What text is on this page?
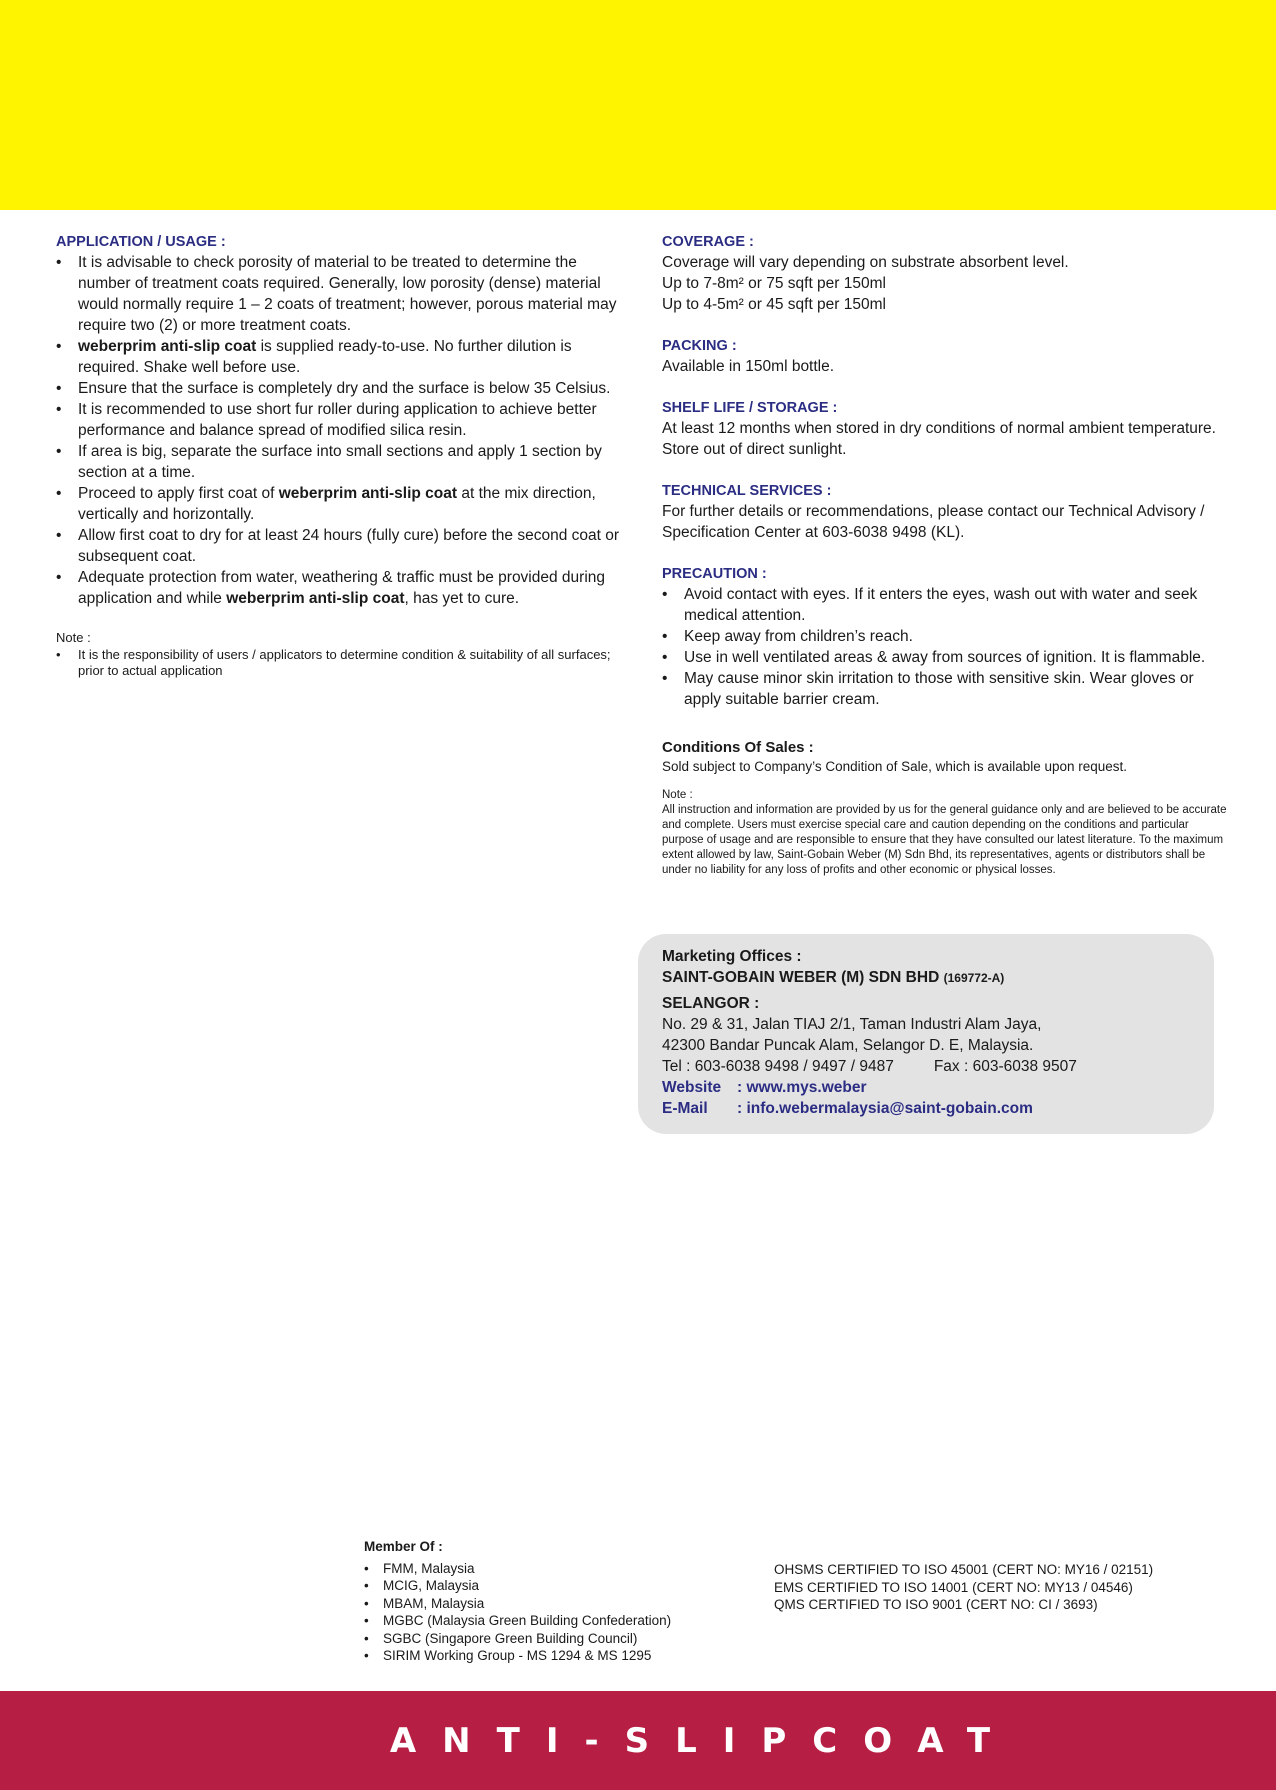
APPLICATION / USAGE :
• It is advisable to check porosity of material to be treated to determine the number of treatment coats required. Generally, low porosity (dense) material would normally require 1 – 2 coats of treatment; however, porous material may require two (2) or more treatment coats.
• weberprim anti-slip coat is supplied ready-to-use. No further dilution is required. Shake well before use.
• Ensure that the surface is completely dry and the surface is below 35 Celsius.
• It is recommended to use short fur roller during application to achieve better performance and balance spread of modified silica resin.
• If area is big, separate the surface into small sections and apply 1 section by section at a time.
• Proceed to apply first coat of weberprim anti-slip coat at the mix direction, vertically and horizontally.
• Allow first coat to dry for at least 24 hours (fully cure) before the second coat or subsequent coat.
• Adequate protection from water, weathering & traffic must be provided during application and while weberprim anti-slip coat, has yet to cure.
Note :
• It is the responsibility of users / applicators to determine condition & suitability of all surfaces; prior to actual application
COVERAGE :
Coverage will vary depending on substrate absorbent level.
Up to 7-8m² or 75 sqft per 150ml
Up to 4-5m² or 45 sqft per 150ml
PACKING :
Available in 150ml bottle.
SHELF LIFE / STORAGE :
At least 12 months when stored in dry conditions of normal ambient temperature. Store out of direct sunlight.
TECHNICAL SERVICES :
For further details or recommendations, please contact our Technical Advisory / Specification Center at 603-6038 9498 (KL).
PRECAUTION :
• Avoid contact with eyes. If it enters the eyes, wash out with water and seek medical attention.
• Keep away from children’s reach.
• Use in well ventilated areas & away from sources of ignition. It is flammable.
• May cause minor skin irritation to those with sensitive skin. Wear gloves or apply suitable barrier cream.
Conditions Of Sales :
Sold subject to Company’s Condition of Sale, which is available upon request.
Note :
All instruction and information are provided by us for the general guidance only and are believed to be accurate and complete. Users must exercise special care and caution depending on the conditions and particular purpose of usage and are responsible to ensure that they have consulted our latest literature. To the maximum extent allowed by law, Saint-Gobain Weber (M) Sdn Bhd, its representatives, agents or distributors shall be under no liability for any loss of profits and other economic or physical losses.
Marketing Offices :
SAINT-GOBAIN WEBER (M) SDN BHD (169772-A)
SELANGOR :
No. 29 & 31, Jalan TIAJ 2/1, Taman Industri Alam Jaya,
42300 Bandar Puncak Alam, Selangor D. E, Malaysia.
Tel : 603-6038 9498 / 9497 / 9487	Fax : 603-6038 9507
Website	: www.mys.weber
E-Mail	: info.webermalaysia@saint-gobain.com
Member Of :
• FMM, Malaysia
• MCIG, Malaysia
• MBAM, Malaysia
• MGBC (Malaysia Green Building Confederation)
• SGBC (Singapore Green Building Council)
• SIRIM Working Group - MS 1294 & MS 1295
OHSMS CERTIFIED TO ISO 45001 (CERT NO: MY16 / 02151)
EMS CERTIFIED TO ISO 14001 (CERT NO: MY13 / 04546)
QMS CERTIFIED TO ISO 9001 (CERT NO: CI / 3693)
ANTI-SLIPCOAT
